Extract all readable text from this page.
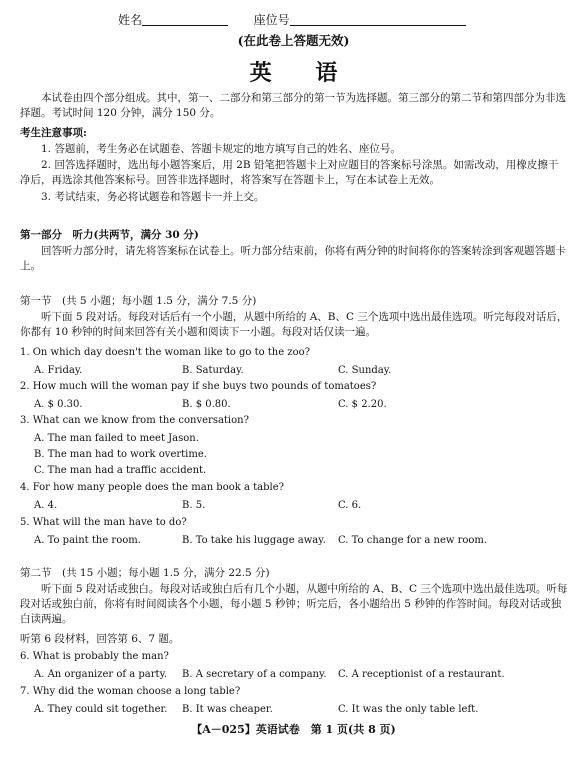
姓名	座位号
(在此卷上答题无效)
英 语
本试卷由四个部分组成。其中，第一、二部分和第三部分的第一节为选择题。第三部分的第二节和第四部分为非选择题。考试时间 120 分钟，满分 150 分。
考生注意事项:
1. 答题前，考生务必在试题卷、答题卡规定的地方填写自己的姓名、座位号。
2. 回答选择题时，选出每小题答案后，用 2B 铅笔把答题卡上对应题目的答案标号涂黑。如需改动，用橡皮擦干净后，再选涂其他答案标号。回答非选择题时，将答案写在答题卡上，写在本试卷上无效。
3. 考试结束，务必将试题卷和答题卡一并上交。
第一部分　听力(共两节，满分 30 分)
回答听力部分时，请先将答案标在试卷上。听力部分结束前，你将有两分钟的时间将你的答案转涂到客观题答题卡上。
第一节　(共 5 小题；每小题 1.5 分，满分 7.5 分)
听下面 5 段对话。每段对话后有一个小题，从题中所给的 A、B、C 三个选项中选出最佳选项。听完每段对话后，你都有 10 秒钟的时间来回答有关小题和阅读下一小题。每段对话仅读一遍。
1. On which day doesn't the woman like to go to the zoo?
A. Friday.	B. Saturday.	C. Sunday.
2. How much will the woman pay if she buys two pounds of tomatoes?
A. $ 0.30.	B. $ 0.80.	C. $ 2.20.
3. What can we know from the conversation?
A. The man failed to meet Jason.
B. The man had to work overtime.
C. The man had a traffic accident.
4. For how many people does the man book a table?
A. 4.	B. 5.	C. 6.
5. What will the man have to do?
A. To paint the room.	B. To take his luggage away. C. To change for a new room.
第二节　(共 15 小题；每小题 1.5 分，满分 22.5 分)
听下面 5 段对话或独白。每段对话或独白后有几个小题，从题中所给的 A、B、C 三个选项中选出最佳选项。听每段对话或独白前，你将有时间阅读各个小题，每小题 5 秒钟；听完后，各小题给出 5 秒钟的作答时间。每段对话或独白读两遍。
听第 6 段材料，回答第 6、7 题。
6. What is probably the man?
A. An organizer of a party. B. A secretary of a company. C. A receptionist of a restaurant.
7. Why did the woman choose a long table?
A. They could sit together. B. It was cheaper.	C. It was the only table left.
【A－025】英语试卷　第 1 页(共 8 页)
